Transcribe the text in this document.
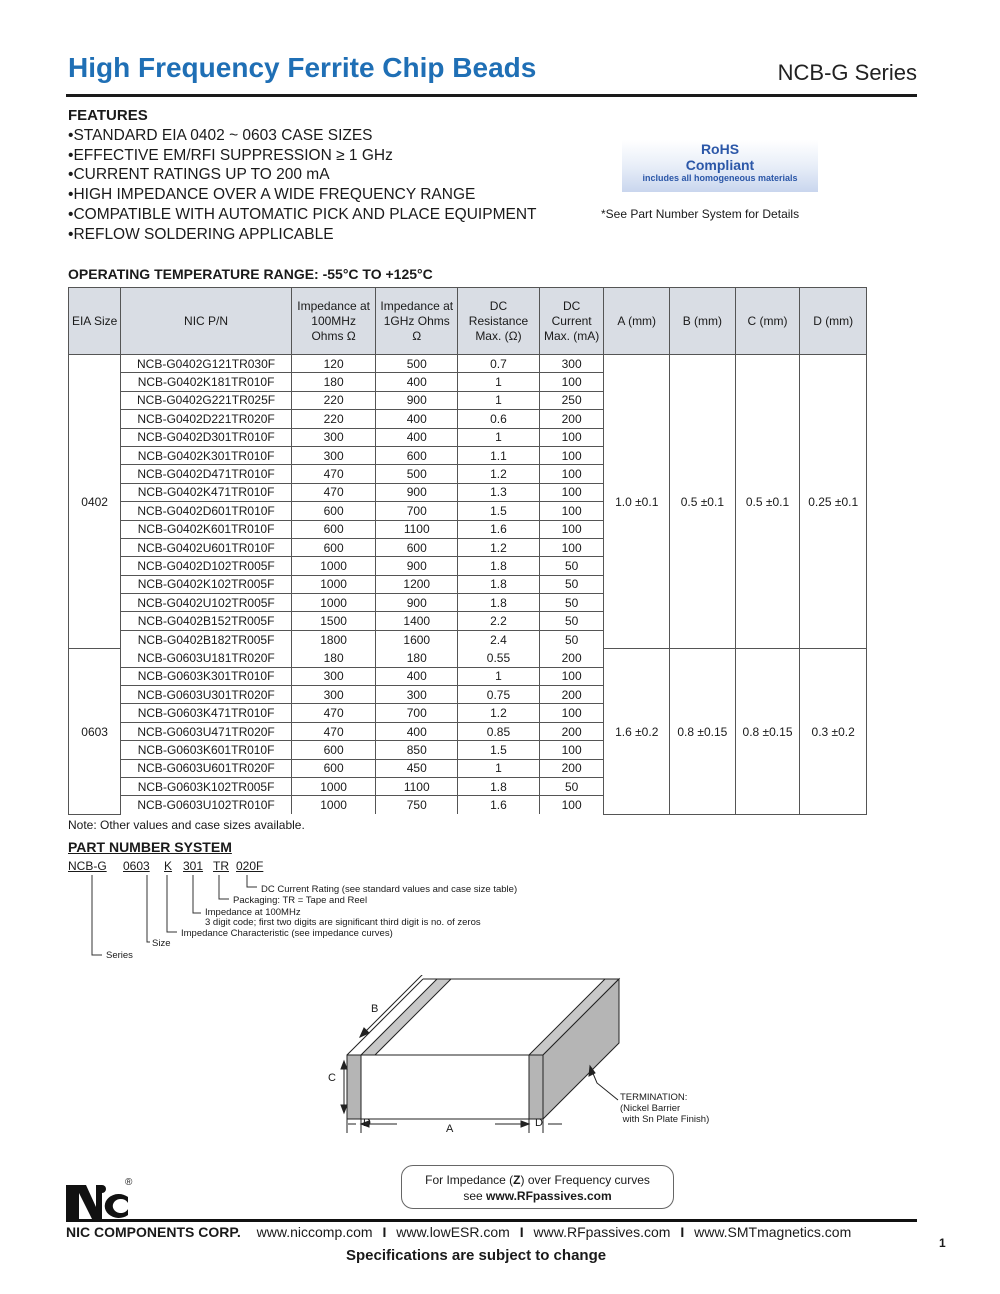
High Frequency Ferrite Chip Beads	NCB-G Series
FEATURES
• STANDARD EIA 0402 ~ 0603 CASE SIZES
• EFFECTIVE EM/RFI SUPPRESSION ≥ 1 GHz
• CURRENT RATINGS UP TO 200 mA
• HIGH IMPEDANCE OVER A WIDE FREQUENCY RANGE
• COMPATIBLE WITH AUTOMATIC PICK AND PLACE EQUIPMENT
• REFLOW SOLDERING APPLICABLE
RoHS
Compliant
includes all homogeneous materials
*See Part Number System for Details
OPERATING TEMPERATURE RANGE: -55°C TO +125°C
EIA Size	NIC P/N	Impedance at 100MHz Ohms Ω	Impedance at 1GHz Ohms Ω	DC Resistance Max. (Ω)	DC Current Max. (mA)	A (mm)	B (mm)	C (mm)	D (mm)
0402	NCB-G0402G121TR030F	120	500	0.7	300	1.0 ±0.1	0.5 ±0.1	0.5 ±0.1	0.25 ±0.1
	NCB-G0402K181TR010F	180	400	1	100				
	NCB-G0402G221TR025F	220	900	1	250				
	NCB-G0402D221TR020F	220	400	0.6	200				
	NCB-G0402D301TR010F	300	400	1	100				
	NCB-G0402K301TR010F	300	600	1.1	100				
	NCB-G0402D471TR010F	470	500	1.2	100				
	NCB-G0402K471TR010F	470	900	1.3	100				
	NCB-G0402D601TR010F	600	700	1.5	100				
	NCB-G0402K601TR010F	600	1100	1.6	100				
	NCB-G0402U601TR010F	600	600	1.2	100				
	NCB-G0402D102TR005F	1000	900	1.8	50				
	NCB-G0402K102TR005F	1000	1200	1.8	50				
	NCB-G0402U102TR005F	1000	900	1.8	50				
	NCB-G0402B152TR005F	1500	1400	2.2	50				
	NCB-G0402B182TR005F	1800	1600	2.4	50				
0603	NCB-G0603U181TR020F	180	180	0.55	200	1.6 ±0.2	0.8 ±0.15	0.8 ±0.15	0.3 ±0.2
	NCB-G0603K301TR010F	300	400	1	100				
	NCB-G0603U301TR020F	300	300	0.75	200				
	NCB-G0603K471TR010F	470	700	1.2	100				
	NCB-G0603U471TR020F	470	400	0.85	200				
	NCB-G0603K601TR010F	600	850	1.5	100				
	NCB-G0603U601TR020F	600	450	1	200				
	NCB-G0603K102TR005F	1000	1100	1.8	50				
	NCB-G0603U102TR010F	1000	750	1.6	100				
Note: Other values and case sizes available.
PART NUMBER SYSTEM
NCB-G 0603 K 301 TR 020 F
DC Current Rating (see standard values and case size table)
Packaging: TR = Tape and Reel
Impedance at 100MHz
3 digit code; first two digits are significant third digit is no. of zeros
Impedance Characteristic (see impedance curves)
Size
Series
B
C
D	A	D
TERMINATION:
(Nickel Barrier
with Sn Plate Finish)
For Impedance (Z) over Frequency curves
see www.RFpassives.com
®
NIC COMPONENTS CORP. www.niccomp.com I www.lowESR.com I www.RFpassives.com I www.SMTmagnetics.com
1
Specifications are subject to change
